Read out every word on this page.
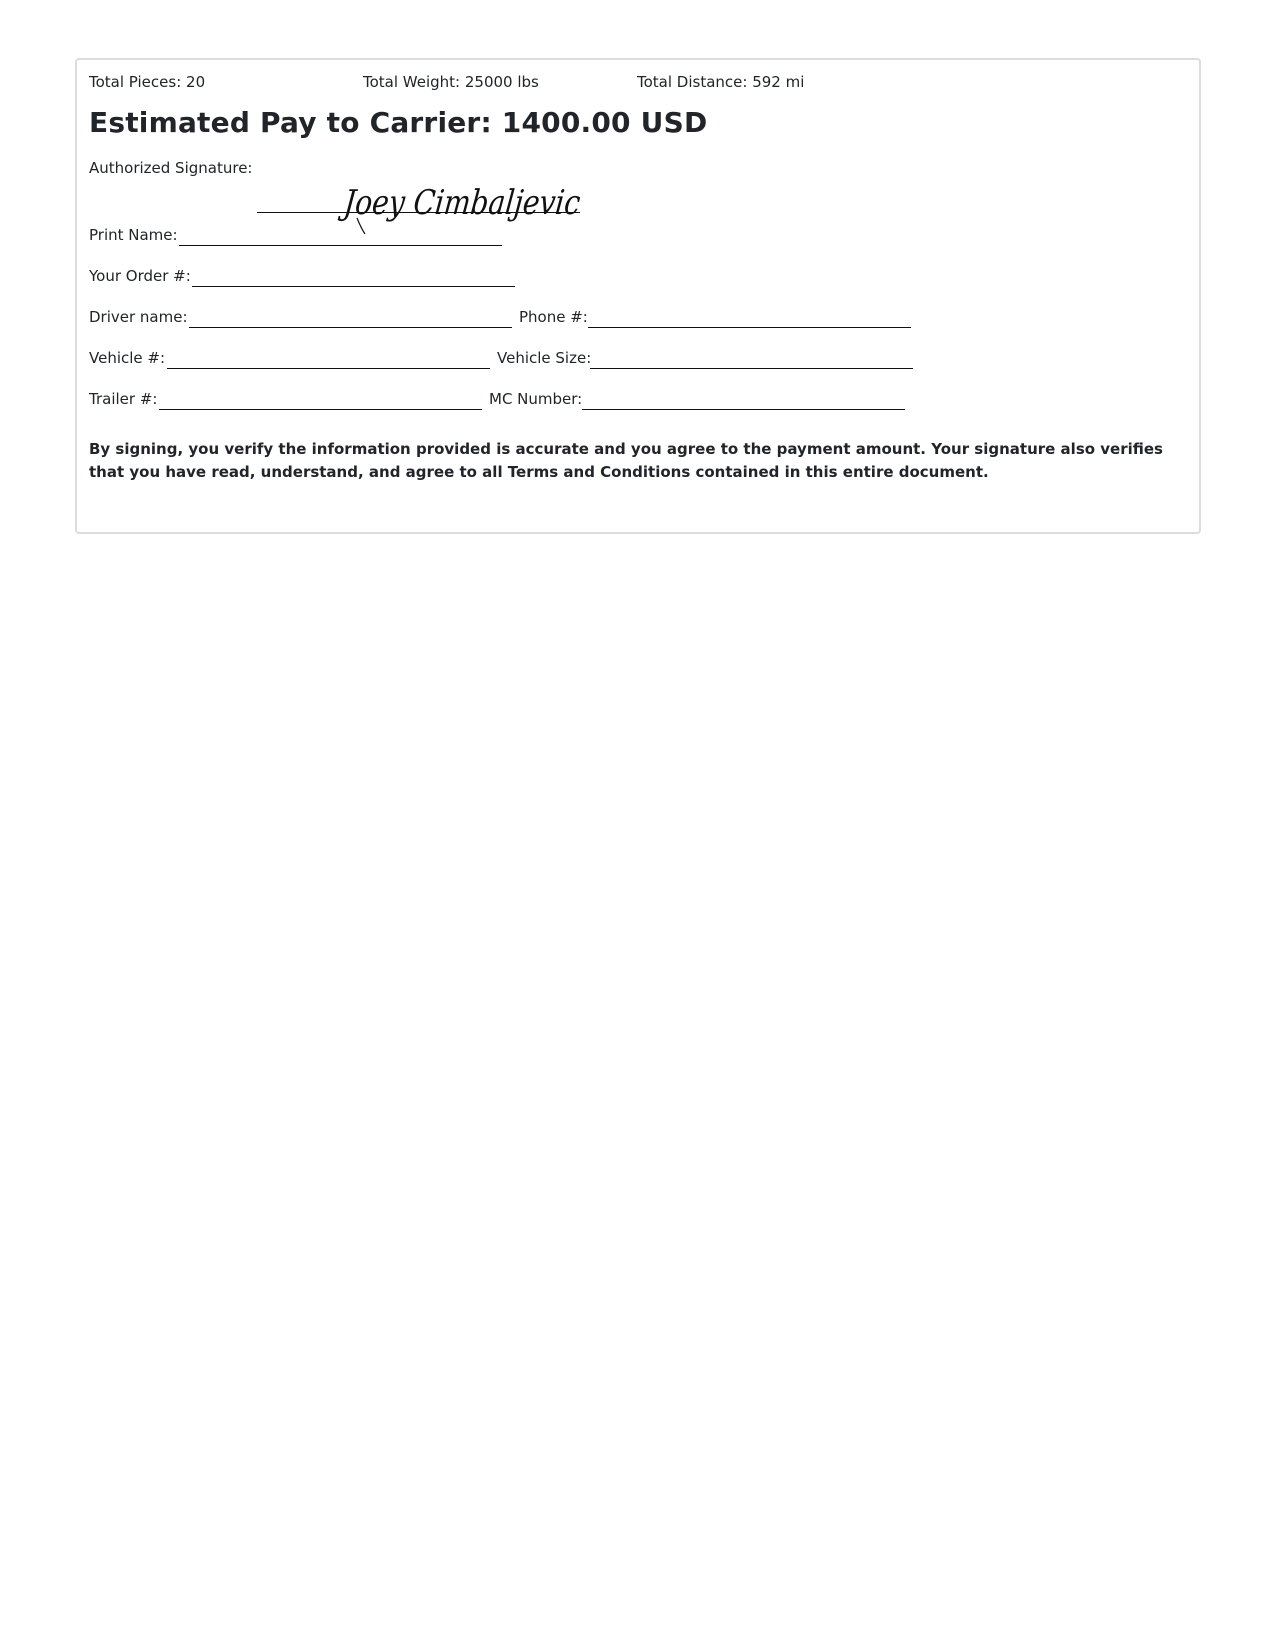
Total Pieces: 20	Total Weight: 25000 lbs	Total Distance: 592 mi
Estimated Pay to Carrier: 1400.00 USD
Authorized Signature:
Joey Cimbaljevic
Print Name:
Your Order #:
Driver name:	Phone #:
Vehicle #:	Vehicle Size:
Trailer #:	MC Number:
By signing, you verify the information provided is accurate and you agree to the payment amount. Your signature also verifies that you have read, understand, and agree to all Terms and Conditions contained in this entire document.
